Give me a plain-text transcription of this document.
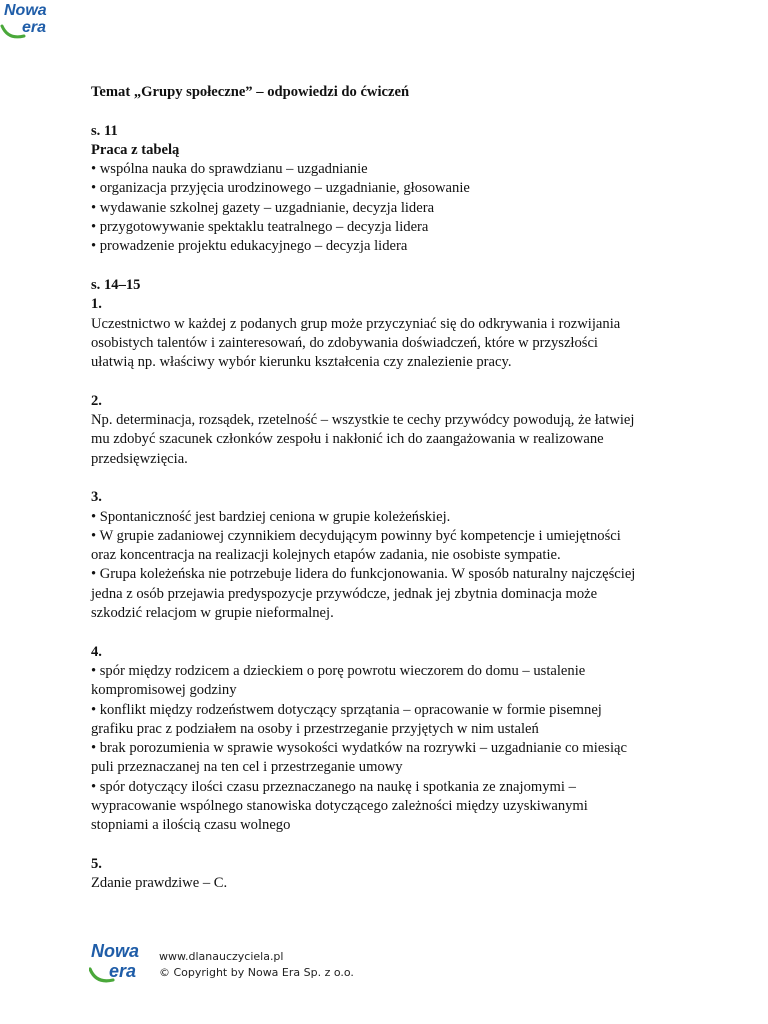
Nowa
era

Temat „Grupy społeczne” – odpowiedzi do ćwiczeń

s. 11

Praca z tabelą

• wspólna nauka do sprawdzianu – uzgadnianie

• organizacja przyjęcia urodzinowego – uzgadnianie, głosowanie

• wydawanie szkolnej gazety – uzgadnianie, decyzja lidera

• przygotowywanie spektaklu teatralnego – decyzja lidera

• prowadzenie projektu edukacyjnego – decyzja lidera

s. 14–15

1.

Uczestnictwo w każdej z podanych grup może przyczyniać się do odkrywania i rozwijania

osobistych talentów i zainteresowań, do zdobywania doświadczeń, które w przyszłości

ułatwią np. właściwy wybór kierunku kształcenia czy znalezienie pracy.

2.

Np. determinacja, rozsądek, rzetelność – wszystkie te cechy przywódcy powodują, że łatwiej

mu zdobyć szacunek członków zespołu i nakłonić ich do zaangażowania w realizowane

przedsięwzięcia.

3.

• Spontaniczność jest bardziej ceniona w grupie koleżeńskiej.

• W grupie zadaniowej czynnikiem decydującym powinny być kompetencje i umiejętności

oraz koncentracja na realizacji kolejnych etapów zadania, nie osobiste sympatie.

• Grupa koleżeńska nie potrzebuje lidera do funkcjonowania. W sposób naturalny najczęściej

jedna z osób przejawia predyspozycje przywódcze, jednak jej zbytnia dominacja może

szkodzić relacjom w grupie nieformalnej.

4.

• spór między rodzicem a dzieckiem o porę powrotu wieczorem do domu – ustalenie

kompromisowej godziny

• konflikt między rodzeństwem dotyczący sprzątania – opracowanie w formie pisemnej

grafiku prac z podziałem na osoby i przestrzeganie przyjętych w nim ustaleń

• brak porozumienia w sprawie wysokości wydatków na rozrywki – uzgadnianie co miesiąc

puli przeznaczanej na ten cel i przestrzeganie umowy

• spór dotyczący ilości czasu przeznaczanego na naukę i spotkania ze znajomymi –

wypracowanie wspólnego stanowiska dotyczącego zależności między uzyskiwanymi

stopniami a ilością czasu wolnego

5.

Zdanie prawdziwe – C.

Nowa
era
www.dlanauczyciela.pl
© Copyright by Nowa Era Sp. z o.o.
